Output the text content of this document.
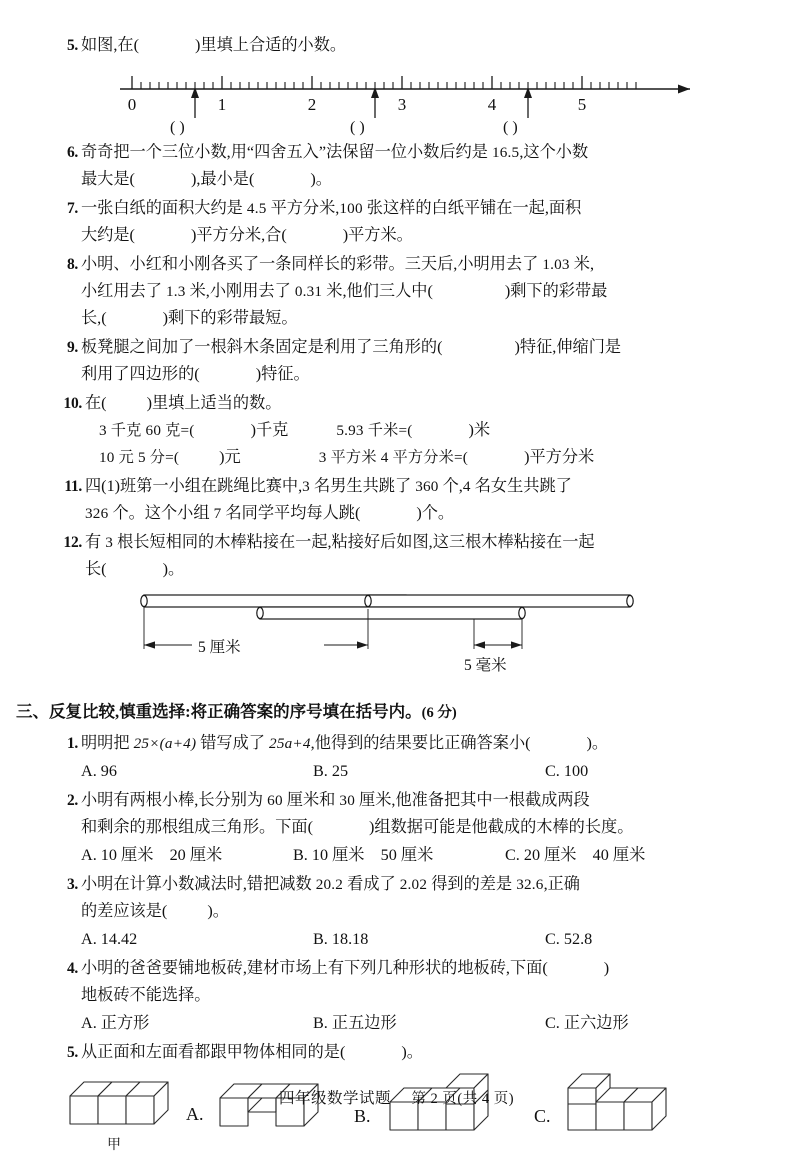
5. 如图,在(	)里填上合适的小数。
0	1	2	3	4	5
( )	( )	( )
6. 奇奇把一个三位小数,用“四舍五入”法保留一位小数后约是 16.5,这个小数
最大是(	),最小是(	)。
7. 一张白纸的面积大约是 4.5 平方分米,100 张这样的白纸平铺在一起,面积
大约是(	)平方分米,合(	)平方米。
8. 小明、小红和小刚各买了一条同样长的彩带。三天后,小明用去了 1.03 米,
小红用去了 1.3 米,小刚用去了 0.31 米,他们三人中(	)剩下的彩带最
长,(	)剩下的彩带最短。
9. 板凳腿之间加了一根斜木条固定是利用了三角形的(	)特征,伸缩门是
利用了四边形的(	)特征。
10. 在( )里填上适当的数。
3 千克 60 克=(	)千克	5.93 千米=(	)米
10 元 5 分=( )元	3 平方米 4 平方分米=(	)平方分米
11. 四(1)班第一小组在跳绳比赛中,3 名男生共跳了 360 个,4 名女生共跳了
326 个。这个小组 7 名同学平均每人跳(	)个。
12. 有 3 根长短相同的木棒粘接在一起,粘接好后如图,这三根木棒粘接在一起
长(	)。
5 厘米
5 毫米
三、反复比较,慎重选择:将正确答案的序号填在括号内。(6 分)
1. 明明把 25×(a+4) 错写成了 25a+4,他得到的结果要比正确答案小(	)。
A. 96	B. 25	C. 100
2. 小明有两根小棒,长分别为 60 厘米和 30 厘米,他准备把其中一根截成两段
和剩余的那根组成三角形。下面(	)组数据可能是他截成的木棒的长度。
A. 10 厘米　20 厘米	B. 10 厘米　50 厘米	C. 20 厘米　40 厘米
3. 小明在计算小数减法时,错把减数 20.2 看成了 2.02 得到的差是 32.6,正确
的差应该是( )。
A. 14.42	B. 18.18	C. 52.8
4. 小明的爸爸要铺地板砖,建材市场上有下列几种形状的地板砖,下面(	)
地板砖不能选择。
A. 正方形	B. 正五边形	C. 正六边形
5. 从正面和左面看都跟甲物体相同的是(	)。
甲
A.	B.	C.
四年级数学试题 第 2 页(共 4 页)
